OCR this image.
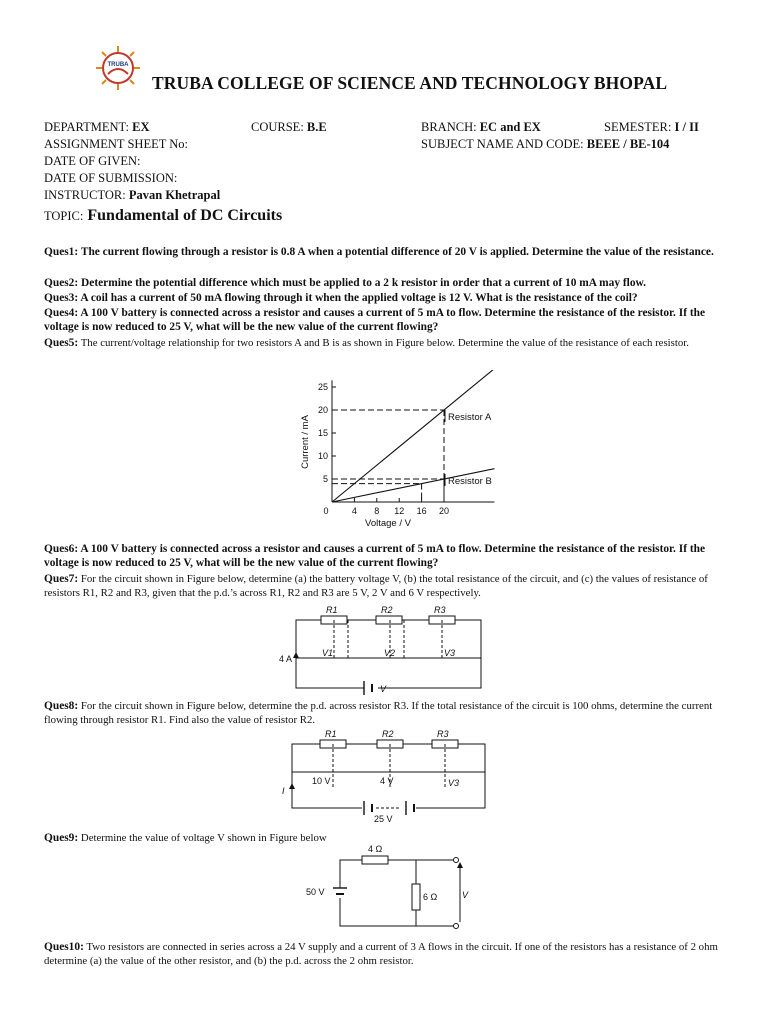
TRUBA
TRUBA COLLEGE OF SCIENCE AND TECHNOLOGY BHOPAL
DEPARTMENT: EX	COURSE: B.E	BRANCH: EC and EX	SEMESTER: I / II
ASSIGNMENT SHEET No:	SUBJECT NAME AND CODE: BEEE / BE-104
DATE OF GIVEN:
DATE OF SUBMISSION:
INSTRUCTOR: Pavan Khetrapal
TOPIC: Fundamental of DC Circuits
Ques1: The current flowing through a resistor is 0.8 A when a potential difference of 20 V is applied. Determine the value of the resistance.
Ques2: Determine the potential difference which must be applied to a 2 k resistor in order that a current of 10 mA may flow.
Ques3: A coil has a current of 50 mA flowing through it when the applied voltage is 12 V. What is the resistance of the coil?
Ques4: A 100 V battery is connected across a resistor and causes a current of 5 mA to flow. Determine the resistance of the resistor. If the voltage is now reduced to 25 V, what will be the new value of the current flowing?
Ques5: The current/voltage relationship for two resistors A and B is as shown in Figure below. Determine the value of the resistance of each resistor.
5
10
15
20
25
0	4 8 12 16 20
Resistor A
Resistor B
Current / mA
Voltage / V
Ques6: A 100 V battery is connected across a resistor and causes a current of 5 mA to flow. Determine the resistance of the resistor. If the voltage is now reduced to 25 V, what will be the new value of the current flowing?
Ques7: For the circuit shown in Figure below, determine (a) the battery voltage V, (b) the total resistance of the circuit, and (c) the values of resistance of resistors R1, R2 and R3, given that the p.d.’s across R1, R2 and R3 are 5 V, 2 V and 6 V respectively.
R1	R2	R3
V1	V2	V3
V
4 A
Ques8: For the circuit shown in Figure below, determine the p.d. across resistor R3. If the total resistance of the circuit is 100 ohms, determine the current flowing through resistor R1. Find also the value of resistor R2.
R1	R2	R3
10 V	4 V	V3
25 V
I
Ques9: Determine the value of voltage V shown in Figure below
4 Ω
6 Ω
50 V	V
Ques10: Two resistors are connected in series across a 24 V supply and a current of 3 A flows in the circuit. If one of the resistors has a resistance of 2 ohm determine (a) the value of the other resistor, and (b) the p.d. across the 2 ohm resistor.
